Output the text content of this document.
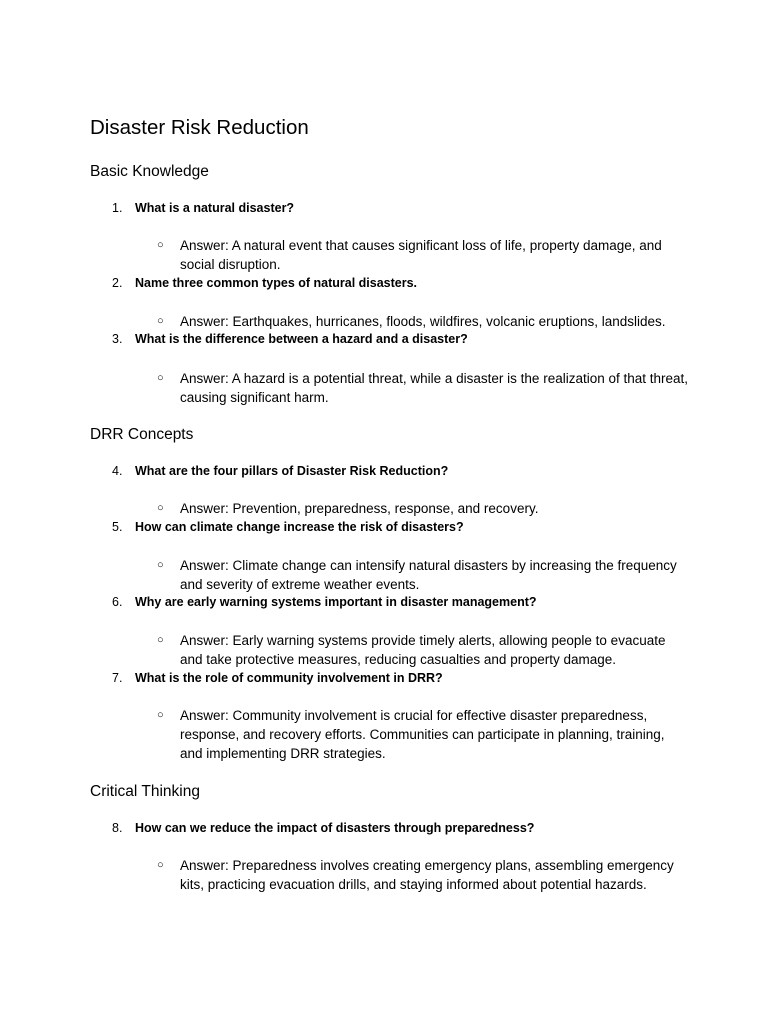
Disaster Risk Reduction
Basic Knowledge
1. What is a natural disaster?
○ Answer: A natural event that causes significant loss of life, property damage, and social disruption.
2. Name three common types of natural disasters.
○ Answer: Earthquakes, hurricanes, floods, wildfires, volcanic eruptions, landslides.
3. What is the difference between a hazard and a disaster?
○ Answer: A hazard is a potential threat, while a disaster is the realization of that threat, causing significant harm.
DRR Concepts
4. What are the four pillars of Disaster Risk Reduction?
○ Answer: Prevention, preparedness, response, and recovery.
5. How can climate change increase the risk of disasters?
○ Answer: Climate change can intensify natural disasters by increasing the frequency and severity of extreme weather events.
6. Why are early warning systems important in disaster management?
○ Answer: Early warning systems provide timely alerts, allowing people to evacuate and take protective measures, reducing casualties and property damage.
7. What is the role of community involvement in DRR?
○ Answer: Community involvement is crucial for effective disaster preparedness, response, and recovery efforts. Communities can participate in planning, training, and implementing DRR strategies.
Critical Thinking
8. How can we reduce the impact of disasters through preparedness?
○ Answer: Preparedness involves creating emergency plans, assembling emergency kits, practicing evacuation drills, and staying informed about potential hazards.
